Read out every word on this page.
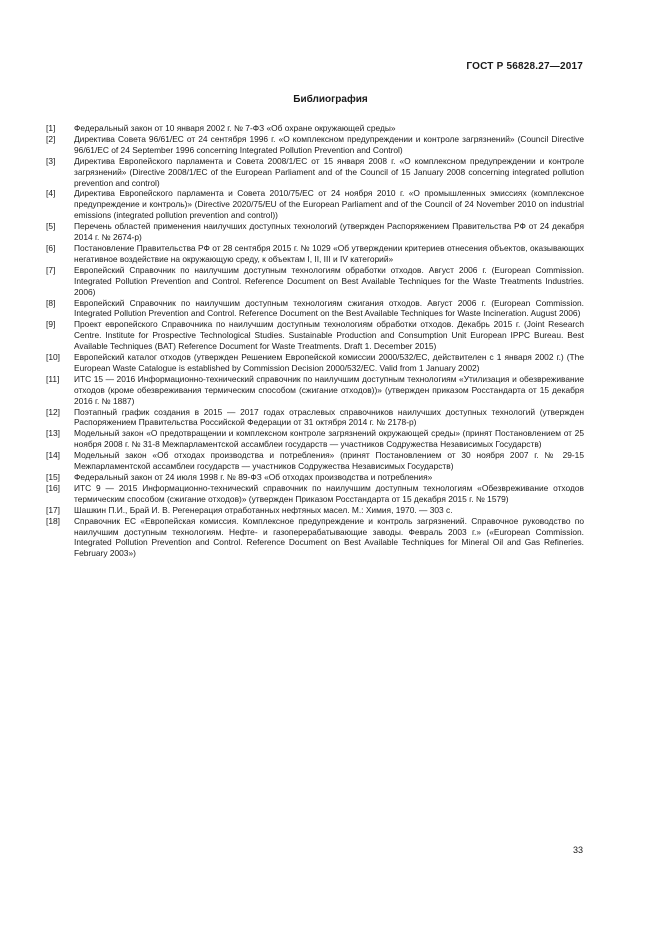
ГОСТ Р 56828.27—2017
Библиография
[1]	Федеральный закон от 10 января 2002 г. № 7-ФЗ «Об охране окружающей среды»
[2]	Директива Совета 96/61/ЕС от 24 сентября 1996 г. «О комплексном предупреждении и контроле загрязнений» (Council Directive 96/61/EC of 24 September 1996 concerning Integrated Pollution Prevention and Control)
[3]	Директива Европейского парламента и Совета 2008/1/ЕС от 15 января 2008 г. «О комплексном предупреждении и контроле загрязнений» (Directive 2008/1/EC of the European Parliament and of the Council of 15 January 2008 concerning integrated pollution prevention and control)
[4]	Директива Европейского парламента и Совета 2010/75/ЕС от 24 ноября 2010 г. «О промышленных эмиссиях (комплексное предупреждение и контроль)» (Directive 2020/75/EU of the European Parliament and of the Council of 24 November 2010 on industrial emissions (integrated pollution prevention and control))
[5]	Перечень областей применения наилучших доступных технологий (утвержден Распоряжением Правительства РФ от 24 декабря 2014 г. № 2674-р)
[6]	Постановление Правительства РФ от 28 сентября 2015 г. № 1029 «Об утверждении критериев отнесения объектов, оказывающих негативное воздействие на окружающую среду, к объектам I, II, III и IV категорий»
[7]	Европейский Справочник по наилучшим доступным технологиям обработки отходов. Август 2006 г. (European Commission. Integrated Pollution Prevention and Control. Reference Document on Best Available Techniques for the Waste Treatments Industries. 2006)
[8]	Европейский Справочник по наилучшим доступным технологиям сжигания отходов. Август 2006 г. (European Commission. Integrated Pollution Prevention and Control. Reference Document on the Best Available Techniques for Waste Incineration. August 2006)
[9]	Проект европейского Справочника по наилучшим доступным технологиям обработки отходов. Декабрь 2015 г. (Joint Research Centre. Institute for Prospective Technological Studies. Sustainable Production and Consumption Unit European IPPC Bureau. Best Available Techniques (BAT) Reference Document for Waste Treatments. Draft 1. December 2015)
[10]	Европейский каталог отходов (утвержден Решением Европейской комиссии 2000/532/ЕС, действителен с 1 января 2002 г.) (The European Waste Catalogue is established by Commission Decision 2000/532/EC. Valid from 1 January 2002)
[11]	ИТС 15 — 2016 Информационно-технический справочник по наилучшим доступным технологиям «Утилизация и обезвреживание отходов (кроме обезвреживания термическим способом (сжигание отходов))» (утвержден приказом Росстандарта от 15 декабря 2016 г. № 1887)
[12]	Поэтапный график создания в 2015 — 2017 годах отраслевых справочников наилучших доступных технологий (утвержден Распоряжением Правительства Российской Федерации от 31 октября 2014 г. № 2178-р)
[13]	Модельный закон «О предотвращении и комплексном контроле загрязнений окружающей среды» (принят Постановлением от 25 ноября 2008 г. № 31-8 Межпарламентской ассамблеи государств — участников Содружества Независимых Государств)
[14]	Модельный закон «Об отходах производства и потребления» (принят Постановлением от 30 ноября 2007 г. № 29-15 Межпарламентской ассамблеи государств — участников Содружества Независимых Государств)
[15]	Федеральный закон от 24 июля 1998 г. № 89-ФЗ «Об отходах производства и потребления»
[16]	ИТС 9 — 2015 Информационно-технический справочник по наилучшим доступным технологиям «Обезвреживание отходов термическим способом (сжигание отходов)» (утвержден Приказом Росстандарта от 15 декабря 2015 г. № 1579)
[17]	Шашкин П.И., Брай И. В. Регенерация отработанных нефтяных масел. М.: Химия, 1970. — 303 с.
[18]	Справочник ЕС «Европейская комиссия. Комплексное предупреждение и контроль загрязнений. Справочное руководство по наилучшим доступным технологиям. Нефте- и газоперерабатывающие заводы. Февраль 2003 г.» («European Commission. Integrated Pollution Prevention and Control. Reference Document on Best Available Techniques for Mineral Oil and Gas Refineries. February 2003»)
33
